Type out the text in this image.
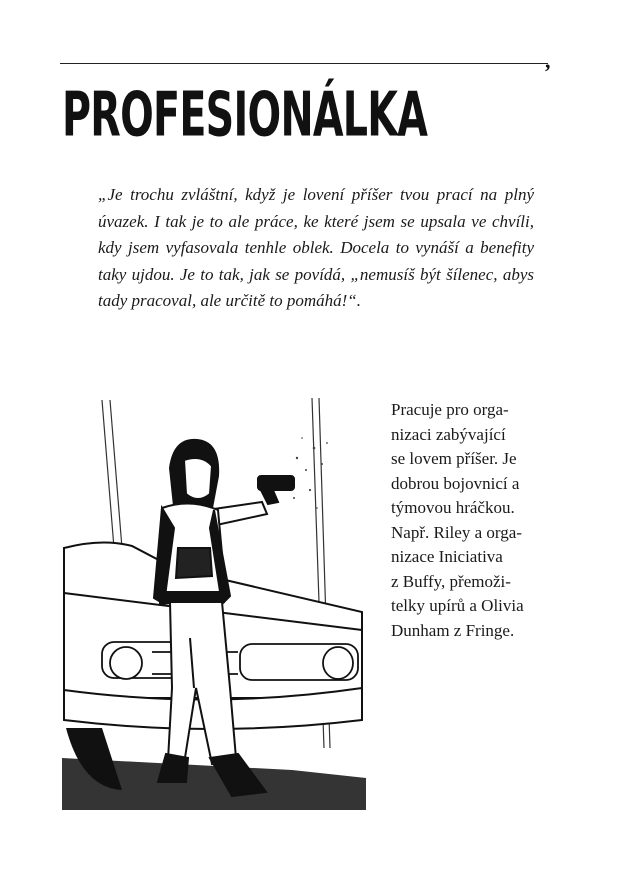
,
PROFESIONÁLKA

„Je trochu zvláštní, když je lovení příšer tvou prací na plný úvazek. I tak je to ale práce, ke které jsem se upsala ve chvíli, kdy jsem vyfasovala tenhle oblek. Docela to vynáší a benefity taky ujdou. Je to tak, jak se povídá, „nemusíš být šílenec, abys tady pracoval, ale určitě to pomáhá!“.

Pracuje pro orga-
nizaci zabývající
se lovem příšer. Je
dobrou bojovnicí a
týmovou hráčkou.
Např. Riley a orga-
nizace Iniciativa
z Buffy, přemoži-
telky upírů a Olivia
Dunham z Fringe.
